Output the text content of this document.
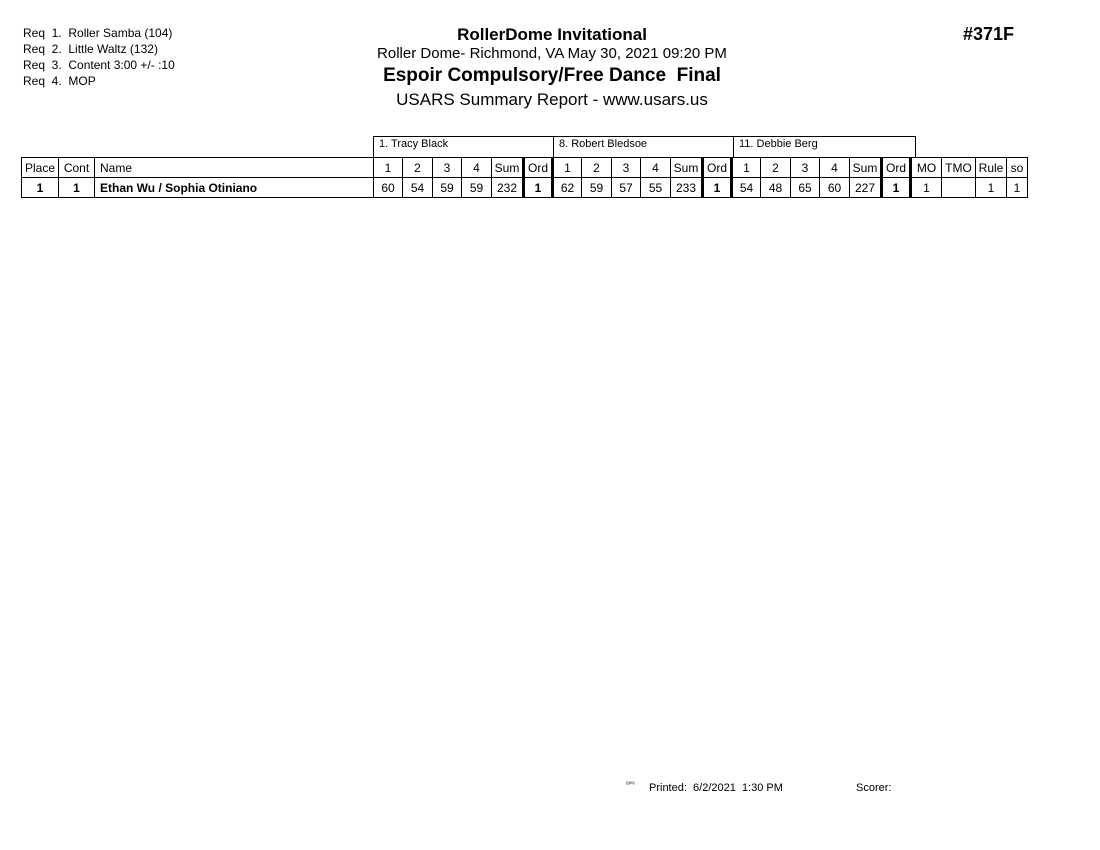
Req  1.  Roller Samba (104)
Req  2.  Little Waltz (132)
Req  3.  Content 3:00 +/- :10
Req  4.  MOP
RollerDome Invitational
Roller Dome- Richmond, VA May 30, 2021 09:20 PM
Espoir Compulsory/Free Dance  Final
USARS Summary Report - www.usars.us
#371F
1. Tracy Black	8. Robert Bledsoe	11. Debbie Berg
Place	Cont	Name	1	2	3	4	Sum	Ord	1	2	3	4	Sum	Ord	1	2	3	4	Sum	Ord	MO	TMO	Rule	so
1	1	Ethan Wu / Sophia Otiniano	60	54	59	59	232	1	62	59	57	55	233	1	54	48	65	60	227	1	1		1	1
²³⁰⁶ Printed:  6/2/2021  1:30 PM	Scorer:
